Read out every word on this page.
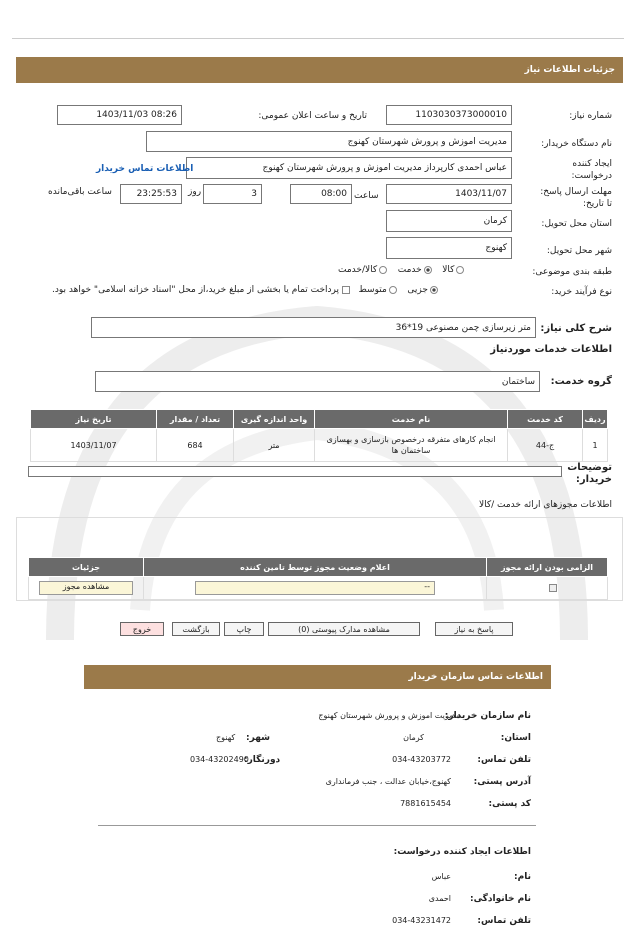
جزئیات اطلاعات نیاز
شماره نیاز:
1103030373000010
تاریخ و ساعت اعلان عمومی:
1403/11/03 08:26
نام دستگاه خریدار:
مدیریت اموزش و پرورش شهرستان کهنوج
ایجاد کننده درخواست:
عباس احمدی کارپرداز مدیریت اموزش و پرورش شهرستان کهنوج
اطلاعات تماس خریدار
مهلت ارسال پاسخ: تا تاریخ:
1403/11/07
ساعت
08:00
3
روز
23:25:53
ساعت باقی‌مانده
استان محل تحویل:
کرمان
شهر محل تحویل:
کهنوج
طبقه بندی موضوعی:
کالا   خدمت   کالا/خدمت
نوع فرآیند خرید:
جزیی   متوسط    پرداخت تمام یا بخشی از مبلغ خرید،از محل "اسناد خزانه اسلامی" خواهد بود.
شرح کلی نیاز:
36*19 متر زیرسازی چمن مصنوعی
اطلاعات خدمات موردنیاز
گروه خدمت:
ساختمان
ردیف	کد خدمت	نام خدمت	واحد اندازه گیری	تعداد / مقدار	تاریخ نیاز
1	ج-44	انجام کارهای متفرقه درخصوص بازسازی و بهسازی ساختمان ها	متر	684	1403/11/07
توضیحات خریدار:
اطلاعات مجوزهای ارائه خدمت /کالا
الزامی بودن ارائه مجوز	اعلام وضعیت مجوز توسط تامین کننده	جزئیات

	--	مشاهده مجوز
پاسخ به نیاز
مشاهده مدارک پیوستی (0)
چاپ
بازگشت
خروج
اطلاعات تماس سازمان خریدار
نام سازمان خریدار:
مدیریت اموزش و پرورش شهرستان کهنوج
استان:
کرمان
شهر:
کهنوج
تلفن تماس:
034-43203772
دورنگار:
034-43202490
آدرس پستی:
کهنوج،خیابان عدالت ، جنب فرمانداری
کد پستی:
7881615454
اطلاعات ایجاد کننده درخواست:
نام:
عباس
نام خانوادگی:
احمدی
تلفن تماس:
034-43231472
